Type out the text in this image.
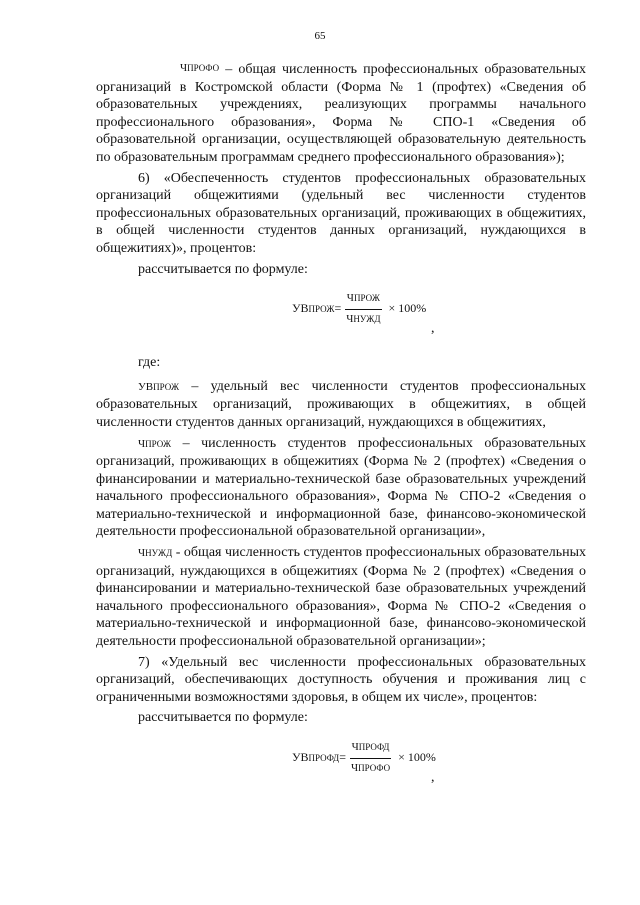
65

ЧПРОФО – общая численность профессиональных образовательных организаций в Костромской области (Форма № 1 (профтех) «Сведения об образовательных учреждениях, реализующих программы начального профессионального образования», Форма № СПО-1 «Сведения об образовательной организации, осуществляющей образовательную деятельность по образовательным программам среднего профессионального образования»);

6) «Обеспеченность студентов профессиональных образовательных организаций общежитиями (удельный вес численности студентов профессиональных образовательных организаций, проживающих в общежитиях, в общей численности студентов данных организаций, нуждающихся в общежитиях)», процентов:

рассчитывается по формуле:

УВПРОЖ = $\frac{\text{ЧПРОЖ}}{\text{ЧНУЖД}} \times 100\%$
,

где:

УВПРОЖ – удельный вес численности студентов профессиональных образовательных организаций, проживающих в общежитиях, в общей численности студентов данных организаций, нуждающихся в общежитиях,

ЧПРОЖ – численность студентов профессиональных образовательных организаций, проживающих в общежитиях (Форма № 2 (профтех) «Сведения о финансировании и материально-технической базе образовательных учреждений начального профессионального образования», Форма № СПО-2 «Сведения о материально-технической и информационной базе, финансово-экономической деятельности профессиональной образовательной организации»,

ЧНУЖД - общая численность студентов профессиональных образовательных организаций, нуждающихся в общежитиях (Форма № 2 (профтех) «Сведения о финансировании и материально-технической базе образовательных учреждений начального профессионального образования», Форма № СПО-2 «Сведения о материально-технической и информационной базе, финансово-экономической деятельности профессиональной образовательной организации»;

7) «Удельный вес численности профессиональных образовательных организаций, обеспечивающих доступность обучения и проживания лиц с ограниченными возможностями здоровья, в общем их числе», процентов:

рассчитывается по формуле:

УВПРОФД = $\frac{\text{ЧПРОФД}}{\text{ЧПРОФО}} \times 100\%$
,
